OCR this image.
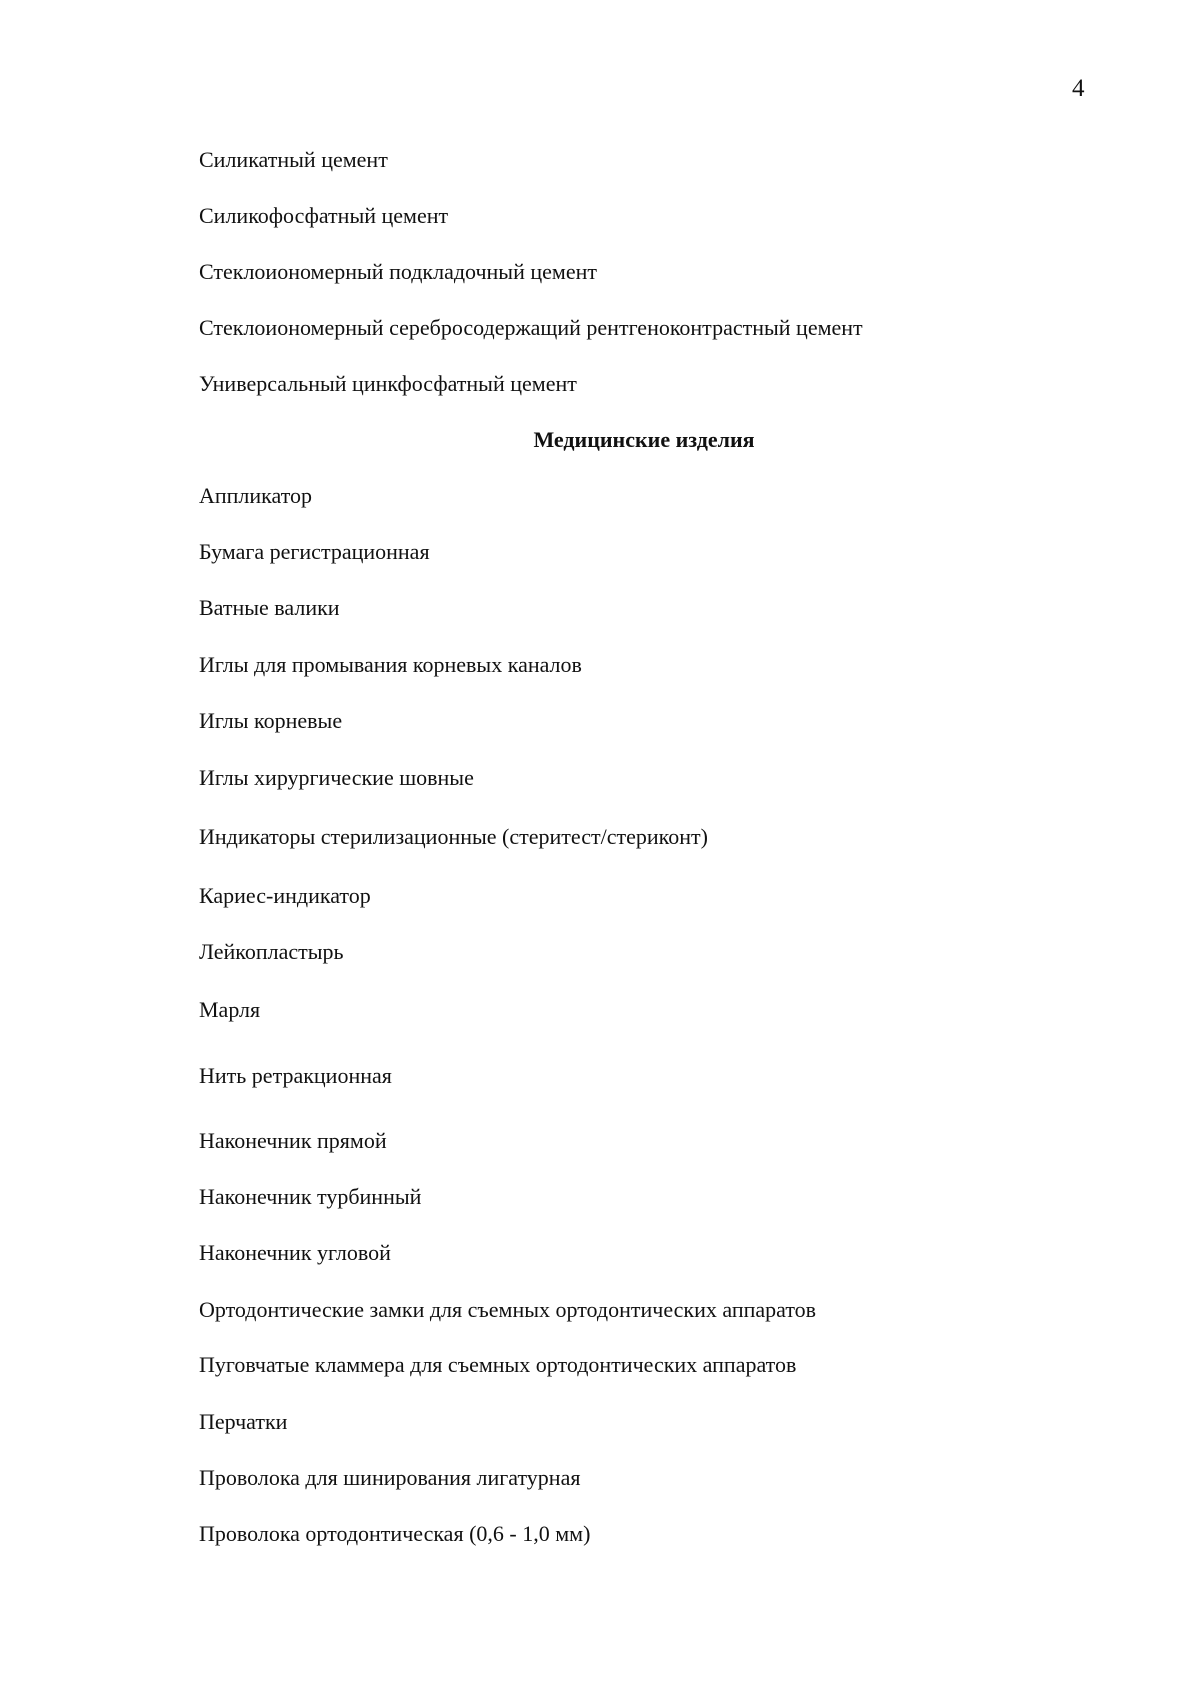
4
Силикатный цемент
Силикофосфатный цемент
Стеклоиономерный подкладочный цемент
Стеклоиономерный серебросодержащий рентгеноконтрастный цемент
Универсальный цинкфосфатный цемент
Медицинские изделия
Аппликатор
Бумага регистрационная
Ватные валики
Иглы для промывания корневых каналов
Иглы корневые
Иглы хирургические шовные
Индикаторы стерилизационные (стеритест/стериконт)
Кариес-индикатор
Лейкопластырь
Марля
Нить ретракционная
Наконечник прямой
Наконечник турбинный
Наконечник угловой
Ортодонтические замки для съемных ортодонтических аппаратов
Пуговчатые кламмера для съемных ортодонтических аппаратов
Перчатки
Проволока для шинирования лигатурная
Проволока ортодонтическая (0,6 - 1,0 мм)
